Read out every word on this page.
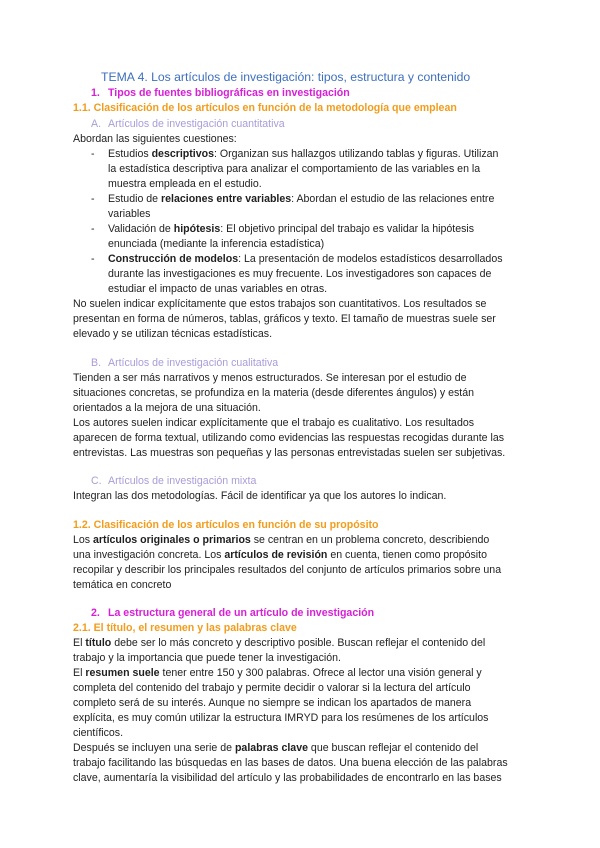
TEMA 4. Los artículos de investigación: tipos, estructura y contenido
1. Tipos de fuentes bibliográficas en investigación
1.1. Clasificación de los artículos en función de la metodología que emplean
A. Artículos de investigación cuantitativa
Abordan las siguientes cuestiones:
- Estudios descriptivos: Organizan sus hallazgos utilizando tablas y figuras. Utilizan
la estadística descriptiva para analizar el comportamiento de las variables en la
muestra empleada en el estudio.
- Estudio de relaciones entre variables: Abordan el estudio de las relaciones entre
variables
- Validación de hipótesis: El objetivo principal del trabajo es validar la hipótesis
enunciada (mediante la inferencia estadística)
- Construcción de modelos: La presentación de modelos estadísticos desarrollados
durante las investigaciones es muy frecuente. Los investigadores son capaces de
estudiar el impacto de unas variables en otras.
No suelen indicar explícitamente que estos trabajos son cuantitativos. Los resultados se
presentan en forma de números, tablas, gráficos y texto. El tamaño de muestras suele ser
elevado y se utilizan técnicas estadísticas.
B. Artículos de investigación cualitativa
Tienden a ser más narrativos y menos estructurados. Se interesan por el estudio de
situaciones concretas, se profundiza en la materia (desde diferentes ángulos) y están
orientados a la mejora de una situación.
Los autores suelen indicar explícitamente que el trabajo es cualitativo. Los resultados
aparecen de forma textual, utilizando como evidencias las respuestas recogidas durante las
entrevistas. Las muestras son pequeñas y las personas entrevistadas suelen ser subjetivas.
C. Artículos de investigación mixta
Integran las dos metodologías. Fácil de identificar ya que los autores lo indican.
1.2. Clasificación de los artículos en función de su propósito
Los artículos originales o primarios se centran en un problema concreto, describiendo
una investigación concreta. Los artículos de revisión en cuenta, tienen como propósito
recopilar y describir los principales resultados del conjunto de artículos primarios sobre una
temática en concreto
2. La estructura general de un artículo de investigación
2.1. El título, el resumen y las palabras clave
El título debe ser lo más concreto y descriptivo posible. Buscan reflejar el contenido del
trabajo y la importancia que puede tener la investigación.
El resumen suele tener entre 150 y 300 palabras. Ofrece al lector una visión general y
completa del contenido del trabajo y permite decidir o valorar si la lectura del artículo
completo será de su interés. Aunque no siempre se indican los apartados de manera
explícita, es muy común utilizar la estructura IMRYD para los resúmenes de los artículos
científicos.
Después se incluyen una serie de palabras clave que buscan reflejar el contenido del
trabajo facilitando las búsquedas en las bases de datos. Una buena elección de las palabras
clave, aumentaría la visibilidad del artículo y las probabilidades de encontrarlo en las bases
